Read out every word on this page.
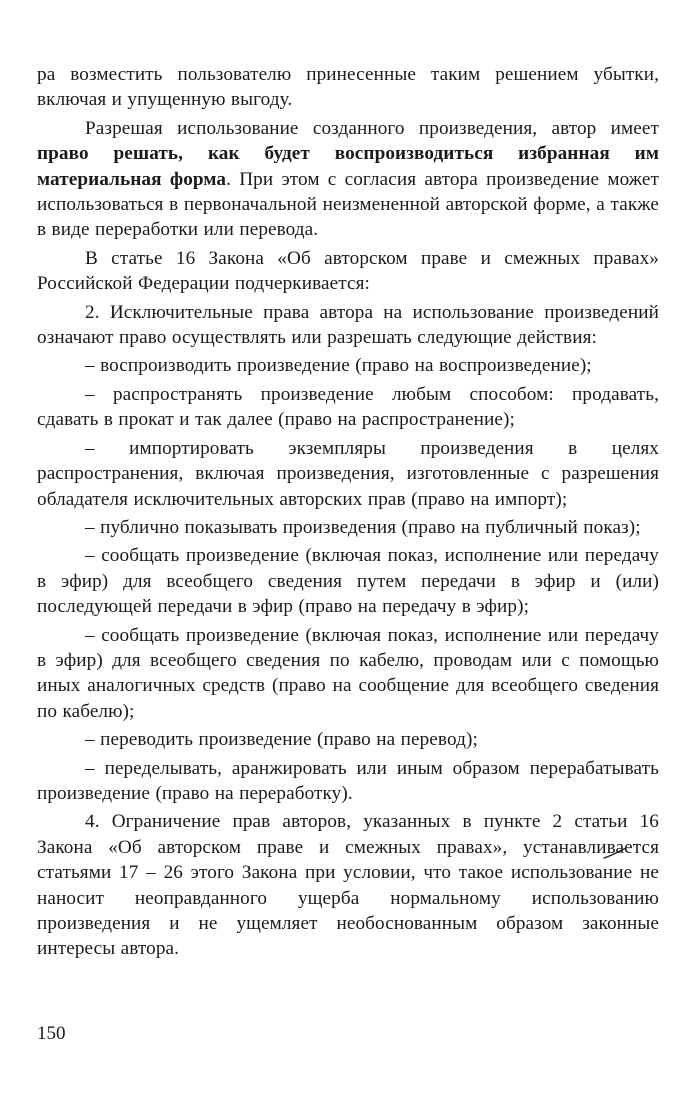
ра возместить пользователю принесенные таким решением убытки, включая и упущенную выгоду.

Разрешая использование созданного произведения, автор имеет право решать, как будет воспроизводиться избранная им материальная форма. При этом с согласия автора произведение может использоваться в первоначальной неизмененной авторской форме, а также в виде переработки или перевода.

В статье 16 Закона «Об авторском праве и смежных правах» Российской Федерации подчеркивается:

2. Исключительные права автора на использование произведений означают право осуществлять или разрешать следующие действия:

– воспроизводить произведение (право на воспроизведение);

– распространять произведение любым способом: продавать, сдавать в прокат и так далее (право на распространение);

– импортировать экземпляры произведения в целях распространения, включая произведения, изготовленные с разрешения обладателя исключительных авторских прав (право на импорт);

– публично показывать произведения (право на публичный показ);

– сообщать произведение (включая показ, исполнение или передачу в эфир) для всеобщего сведения путем передачи в эфир и (или) последующей передачи в эфир (право на передачу в эфир);

– сообщать произведение (включая показ, исполнение или передачу в эфир) для всеобщего сведения по кабелю, проводам или с помощью иных аналогичных средств (право на сообщение для всеобщего сведения по кабелю);

– переводить произведение (право на перевод);

– переделывать, аранжировать или иным образом перерабатывать произведение (право на переработку).

4. Ограничение прав авторов, указанных в пункте 2 статьи 16 Закона «Об авторском праве и смежных правах», устанавливается статьями 17 – 26 этого Закона при условии, что такое использование не наносит неоправданного ущерба нормальному использованию произведения и не ущемляет необоснованным образом законные интересы автора.

150
